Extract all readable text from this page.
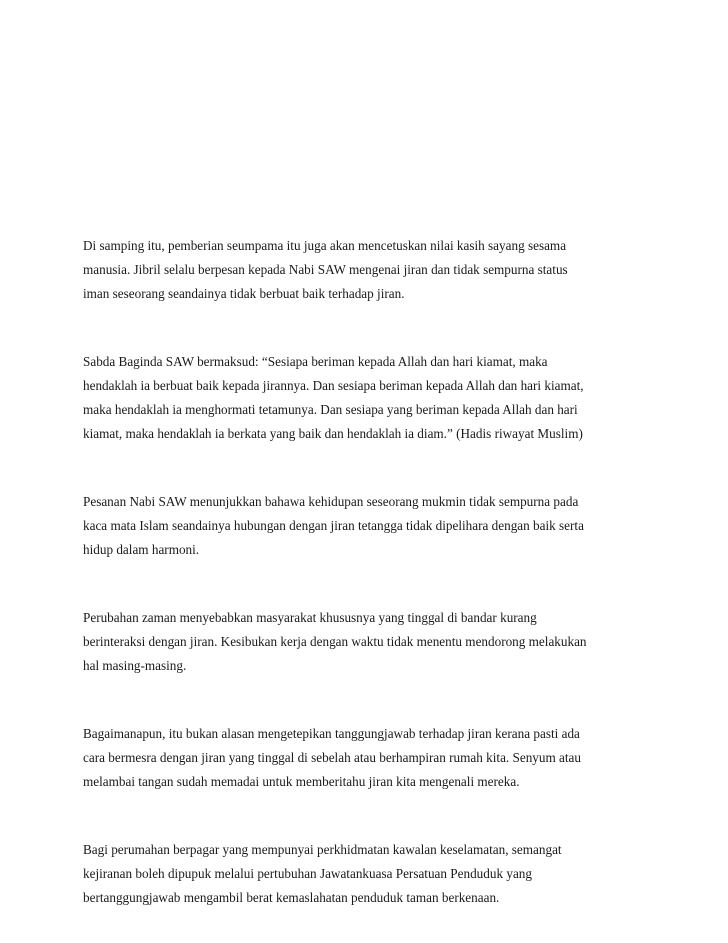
Di samping itu, pemberian seumpama itu juga akan mencetuskan nilai kasih sayang sesama
manusia. Jibril selalu berpesan kepada Nabi SAW mengenai jiran dan tidak sempurna status
iman seseorang seandainya tidak berbuat baik terhadap jiran.

Sabda Baginda SAW bermaksud: “Sesiapa beriman kepada Allah dan hari kiamat, maka
hendaklah ia berbuat baik kepada jirannya. Dan sesiapa beriman kepada Allah dan hari kiamat,
maka hendaklah ia menghormati tetamunya. Dan sesiapa yang beriman kepada Allah dan hari
kiamat, maka hendaklah ia berkata yang baik dan hendaklah ia diam.” (Hadis riwayat Muslim)

Pesanan Nabi SAW menunjukkan bahawa kehidupan seseorang mukmin tidak sempurna pada
kaca mata Islam seandainya hubungan dengan jiran tetangga tidak dipelihara dengan baik serta
hidup dalam harmoni.

Perubahan zaman menyebabkan masyarakat khususnya yang tinggal di bandar kurang
berinteraksi dengan jiran. Kesibukan kerja dengan waktu tidak menentu mendorong melakukan
hal masing-masing.

Bagaimanapun, itu bukan alasan mengetepikan tanggungjawab terhadap jiran kerana pasti ada
cara bermesra dengan jiran yang tinggal di sebelah atau berhampiran rumah kita. Senyum atau
melambai tangan sudah memadai untuk memberitahu jiran kita mengenali mereka.

Bagi perumahan berpagar yang mempunyai perkhidmatan kawalan keselamatan, semangat
kejiranan boleh dipupuk melalui pertubuhan Jawatankuasa Persatuan Penduduk yang
bertanggungjawab mengambil berat kemaslahatan penduduk taman berkenaan.
